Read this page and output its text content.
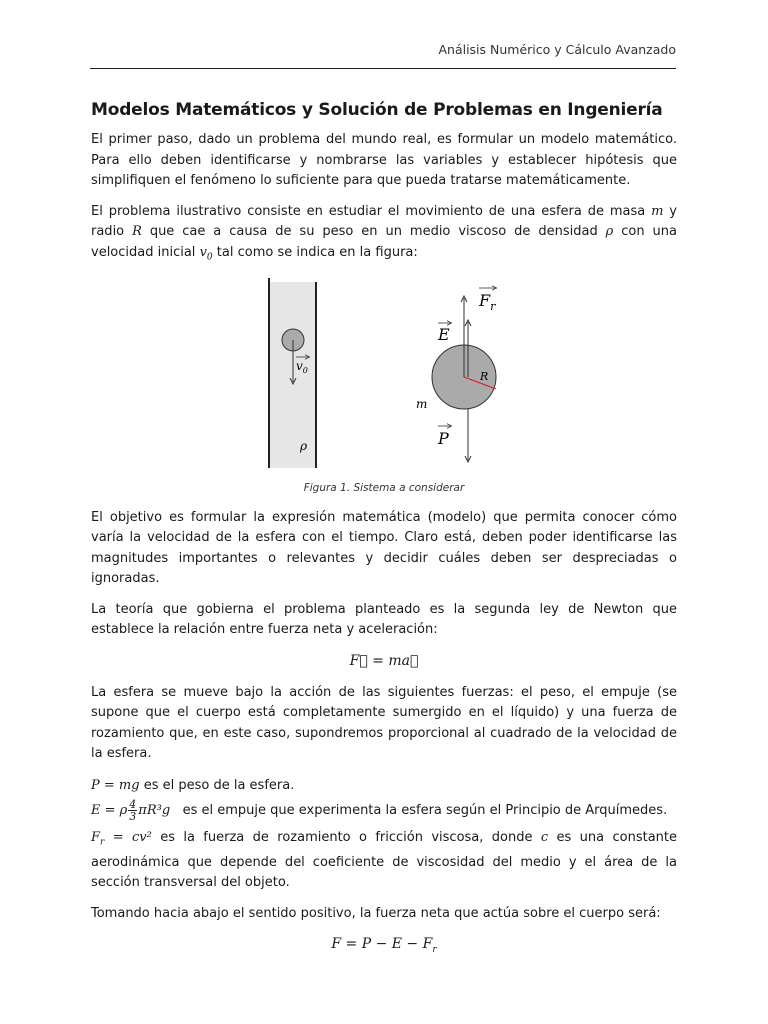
Análisis Numérico y Cálculo Avanzado
Modelos Matemáticos y Solución de Problemas en Ingeniería

El primer paso, dado un problema del mundo real, es formular un modelo matemático. Para ello deben identificarse y nombrarse las variables y establecer hipótesis que simplifiquen el fenómeno lo suficiente para que pueda tratarse matemáticamente.

El problema ilustrativo consiste en estudiar el movimiento de una esfera de masa m y radio R que cae a causa de su peso en un medio viscoso de densidad ρ con una velocidad inicial $v_0$ tal como se indica en la figura:

$v_0$
ρ
R
$F_r$
E
m
P
Figura 1. Sistema a considerar

El objetivo es formular la expresión matemática (modelo) que permita conocer cómo varía la velocidad de la esfera con el tiempo. Claro está, deben poder identificarse las magnitudes importantes o relevantes y decidir cuáles deben ser despreciadas o ignoradas.

La teoría que gobierna el problema planteado es la segunda ley de Newton que establece la relación entre fuerza neta y aceleración:

F⃗ = ma⃗

La esfera se mueve bajo la acción de las siguientes fuerzas: el peso, el empuje (se supone que el cuerpo está completamente sumergido en el líquido) y una fuerza de rozamiento que, en este caso, supondremos proporcional al cuadrado de la velocidad de la esfera.

P = mg es el peso de la esfera.
E = ρ $\frac{4}{3} \pi R^3g$ es el empuje que experimenta la esfera según el Principio de Arquímedes.

$F_r = cv^2$ es la fuerza de rozamiento o fricción viscosa, donde c es una constante aerodinámica que depende del coeficiente de viscosidad del medio y el área de la sección transversal del objeto.

Tomando hacia abajo el sentido positivo, la fuerza neta que actúa sobre el cuerpo será:

$F = P - E - F_r$
